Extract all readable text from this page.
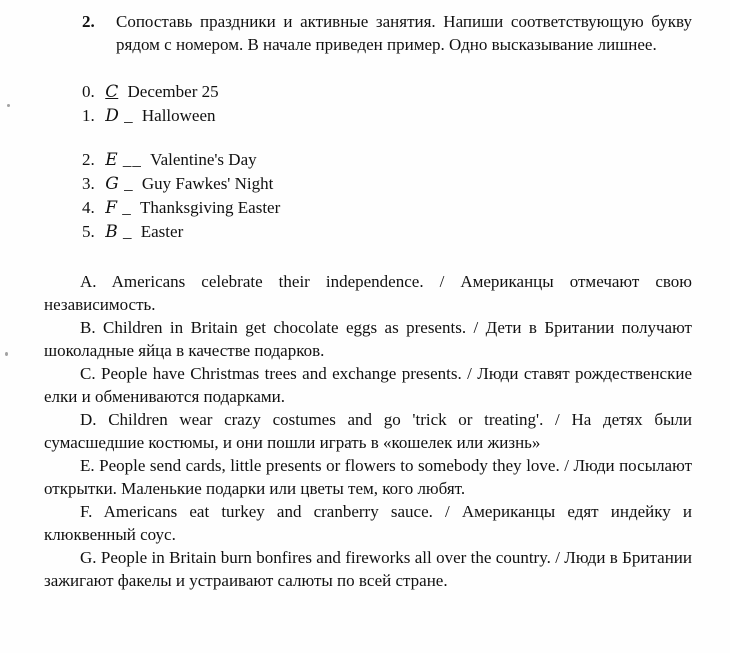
2.	Сопоставь праздники и активные занятия. Напиши соответствующую букву рядом с номером. В начале приведен пример. Одно высказывание лишнее.
0. C December 25
1. D _ Halloween
2. E __ Valentine's Day
3. G _ Guy Fawkes' Night
4. F _ Thanksgiving Easter
5. B _ Easter

A. Americans celebrate their independence. / Американцы отмечают свою независимость.

B. Children in Britain get chocolate eggs as presents. / Дети в Британии получают шоколадные яйца в качестве подарков.

C. People have Christmas trees and exchange presents. / Люди ставят рождественские елки и обмениваются подарками.

D. Children wear crazy costumes and go 'trick or treating'. / На детях были сумасшедшие костюмы, и они пошли играть в «кошелек или жизнь»

E. People send cards, little presents or flowers to somebody they love. / Люди посылают открытки. Маленькие подарки или цветы тем, кого любят.

F. Americans eat turkey and cranberry sauce. / Американцы едят индейку и клюквенный соус.

G. People in Britain burn bonfires and fireworks all over the country. / Люди в Британии зажигают факелы и устраивают салюты по всей стране.
